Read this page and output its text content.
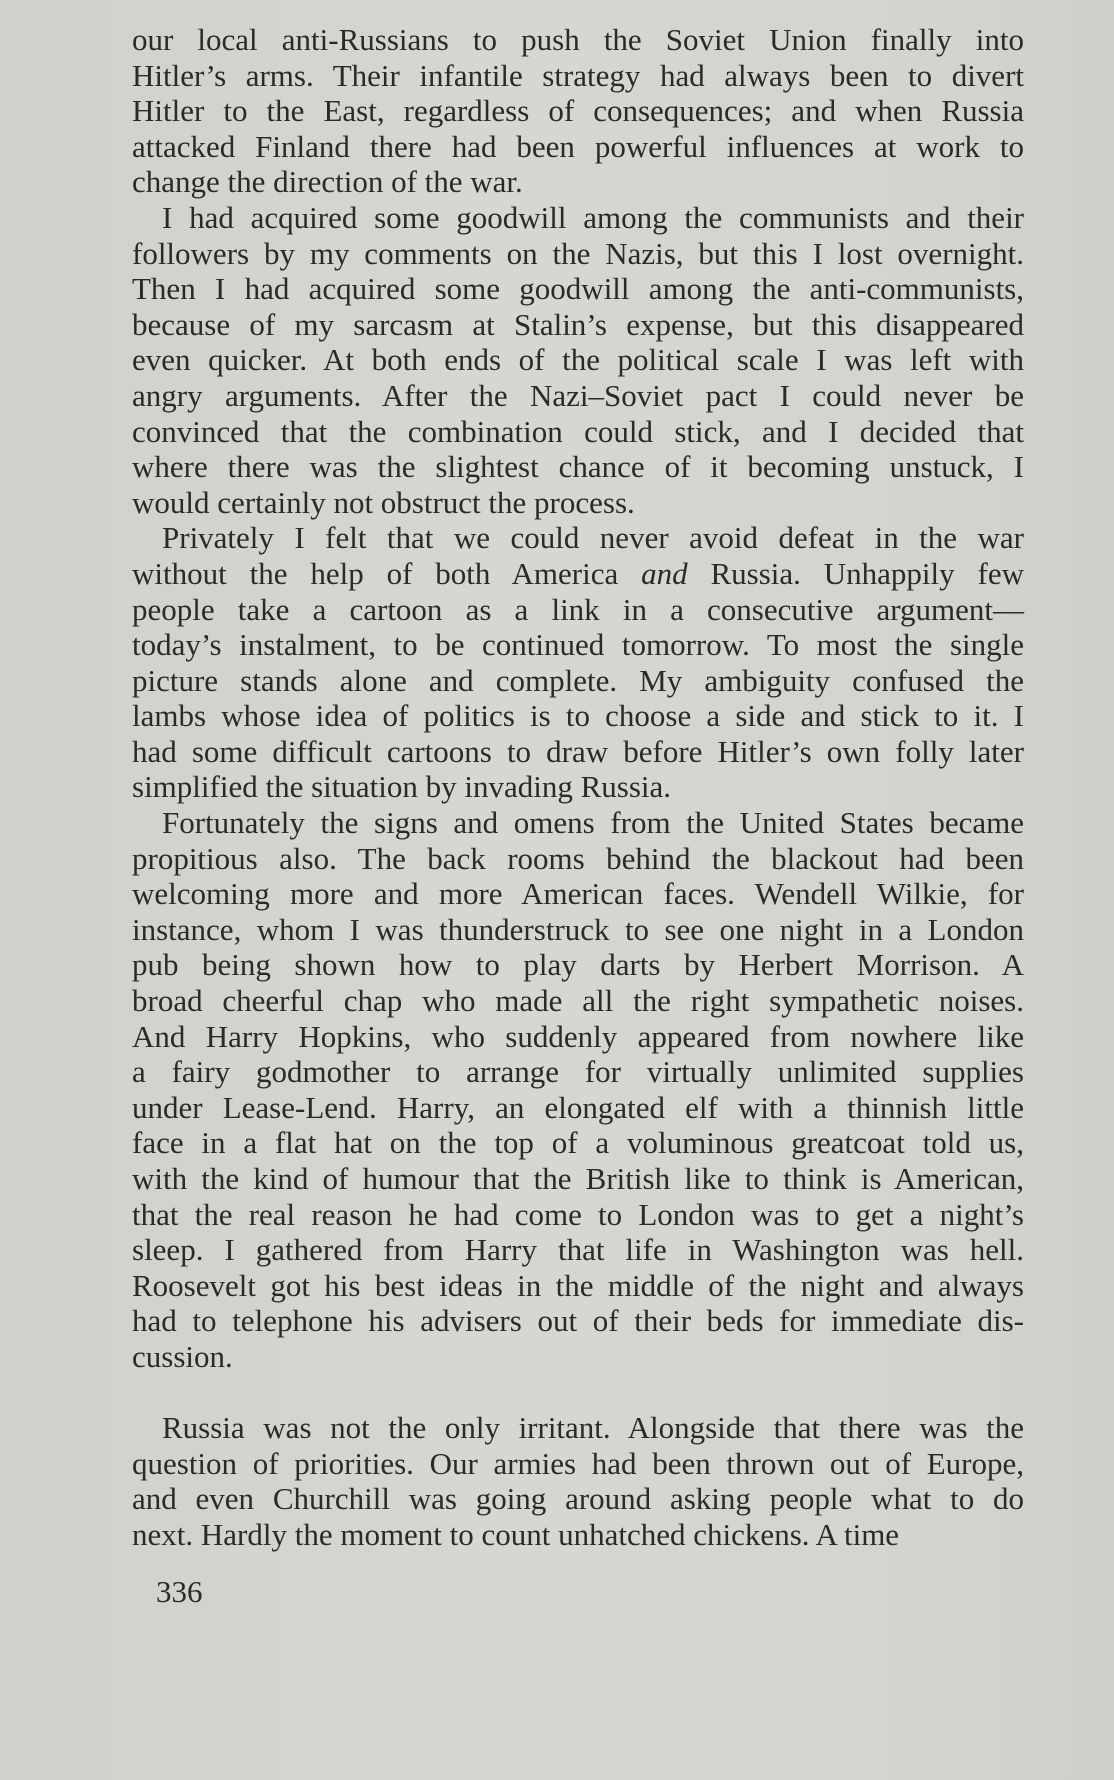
our local anti-Russians to push the Soviet Union finally into
Hitler’s arms. Their infantile strategy had always been to divert
Hitler to the East, regardless of consequences; and when Russia
attacked Finland there had been powerful influences at work to
change the direction of the war.
I had acquired some goodwill among the communists and their
followers by my comments on the Nazis, but this I lost overnight.
Then I had acquired some goodwill among the anti-communists,
because of my sarcasm at Stalin’s expense, but this disappeared
even quicker. At both ends of the political scale I was left with
angry arguments. After the Nazi–Soviet pact I could never be
convinced that the combination could stick, and I decided that
where there was the slightest chance of it becoming unstuck, I
would certainly not obstruct the process.
Privately I felt that we could never avoid defeat in the war
without the help of both America and Russia. Unhappily few
people take a cartoon as a link in a consecutive argument—
today’s instalment, to be continued tomorrow. To most the single
picture stands alone and complete. My ambiguity confused the
lambs whose idea of politics is to choose a side and stick to it. I
had some difficult cartoons to draw before Hitler’s own folly later
simplified the situation by invading Russia.
Fortunately the signs and omens from the United States became
propitious also. The back rooms behind the blackout had been
welcoming more and more American faces. Wendell Wilkie, for
instance, whom I was thunderstruck to see one night in a London
pub being shown how to play darts by Herbert Morrison. A
broad cheerful chap who made all the right sympathetic noises.
And Harry Hopkins, who suddenly appeared from nowhere like
a fairy godmother to arrange for virtually unlimited supplies
under Lease-Lend. Harry, an elongated elf with a thinnish little
face in a flat hat on the top of a voluminous greatcoat told us,
with the kind of humour that the British like to think is American,
that the real reason he had come to London was to get a night’s
sleep. I gathered from Harry that life in Washington was hell.
Roosevelt got his best ideas in the middle of the night and always
had to telephone his advisers out of their beds for immediate dis-
cussion.
Russia was not the only irritant. Alongside that there was the
question of priorities. Our armies had been thrown out of Europe,
and even Churchill was going around asking people what to do
next. Hardly the moment to count unhatched chickens. A time
336
